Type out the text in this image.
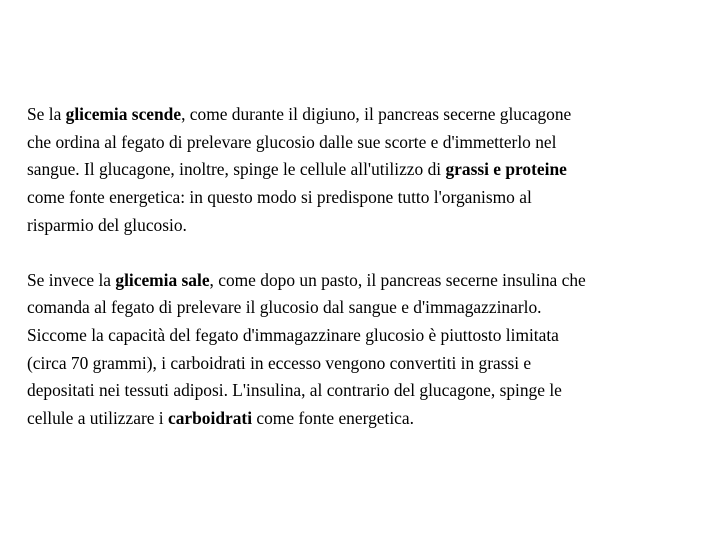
Se la glicemia scende, come durante il digiuno, il pancreas secerne glucagone
che ordina al fegato di prelevare glucosio dalle sue scorte e d'immetterlo nel
sangue. Il glucagone, inoltre, spinge le cellule all'utilizzo di grassi e proteine
come fonte energetica: in questo modo si predispone tutto l'organismo al
risparmio del glucosio.

Se invece la glicemia sale, come dopo un pasto, il pancreas secerne insulina che
comanda al fegato di prelevare il glucosio dal sangue e d'immagazzinarlo.
Siccome la capacità del fegato d'immagazzinare glucosio è piuttosto limitata
(circa 70 grammi), i carboidrati in eccesso vengono convertiti in grassi e
depositati nei tessuti adiposi. L'insulina, al contrario del glucagone, spinge le
cellule a utilizzare i carboidrati come fonte energetica.
